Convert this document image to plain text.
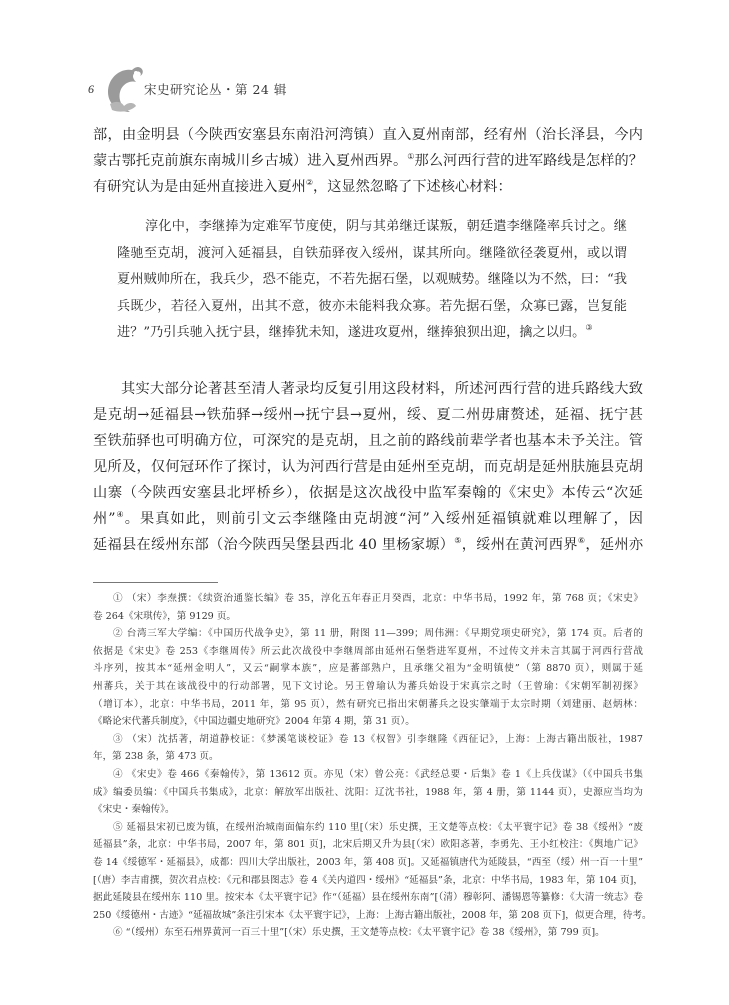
6	宋史研究论丛・第 24 辑
部，由金明县（今陕西安塞县东南沿河湾镇）直入夏州南部，经宥州（治长泽县，今内
蒙古鄂托克前旗东南城川乡古城）进入夏州西界。①那么河西行营的进军路线是怎样的？
有研究认为是由延州直接进入夏州②，这显然忽略了下述核心材料：
淳化中，李继捧为定难军节度使，阴与其弟继迁谋叛，朝廷遣李继隆率兵讨之。继
隆驰至克胡，渡河入延福县，自铁茄驿夜入绥州，谋其所向。继隆欲径袭夏州，或以谓
夏州贼帅所在，我兵少，恐不能克，不若先据石堡，以观贼势。继隆以为不然，曰：“我
兵既少，若径入夏州，出其不意，彼亦未能料我众寡。若先据石堡，众寡已露，岂复能
进？”乃引兵驰入抚宁县，继捧犹未知，遂进攻夏州，继捧狼狈出迎，擒之以归。③
其实大部分论著甚至清人著录均反复引用这段材料，所述河西行营的进兵路线大致
是克胡→延福县→铁茄驿→绥州→抚宁县→夏州，绥、夏二州毋庸赘述，延福、抚宁甚
至铁茄驿也可明确方位，可深究的是克胡，且之前的路线前辈学者也基本未予关注。管
见所及，仅何冠环作了探讨，认为河西行营是由延州至克胡，而克胡是延州肤施县克胡
山寨（今陕西安塞县北坪桥乡），依据是这次战役中监军秦翰的《宋史》本传云“次延
州”④。果真如此，则前引文云李继隆由克胡渡“河”入绥州延福镇就难以理解了，因
延福县在绥州东部（治今陕西吴堡县西北 40 里杨家塬）⑤，绥州在黄河西界⑥，延州亦
① （宋）李焘撰：《续资治通鉴长编》卷 35，淳化五年春正月癸酉，北京：中华书局，1992 年，第 768 页；《宋史》
卷 264《宋琪传》，第 9129 页。
② 台湾三军大学编：《中国历代战争史》，第 11 册，附图 11—399；周伟洲：《早期党项史研究》，第 174 页。后者的
依据是《宋史》卷 253《李继周传》所云此次战役中李继周部由延州石堡砦进军夏州，不过传文并未言其属于河西行营战
斗序列，按其本“延州金明人”，又云“嗣掌本族”，应是蕃部熟户，且承继父祖为“金明镇使”（第 8870 页），则属于延
州蕃兵，关于其在该战役中的行动部署，见下文讨论。另王曾瑜认为蕃兵始设于宋真宗之时（王曾瑜：《宋朝军制初探》
（增订本），北京：中华书局，2011 年，第 95 页），然有研究已指出宋朝蕃兵之设实肇端于太宗时期（刘建丽、赵炳林：
《略论宋代蕃兵制度》，《中国边疆史地研究》2004 年第 4 期，第 31 页）。
③ （宋）沈括著，胡道静校证：《梦溪笔谈校证》卷 13《权智》引李继隆《西征记》，上海：上海古籍出版社，1987
年，第 238 条，第 473 页。
④ 《宋史》卷 466《秦翰传》，第 13612 页。亦见（宋）曾公亮：《武经总要・后集》卷 1《上兵伐谋》（《中国兵书集
成》编委员编：《中国兵书集成》，北京：解放军出版社、沈阳：辽沈书社，1988 年，第 4 册，第 1144 页），史源应当均为
《宋史・秦翰传》。
⑤ 延福县宋初已废为镇，在绥州治城南面偏东约 110 里[（宋）乐史撰，王文楚等点校：《太平寰宇记》卷 38《绥州》“废
延福县”条，北京：中华书局，2007 年，第 801 页]，北宋后期又升为县[（宋）欧阳忞著，李勇先、王小红校注：《舆地广记》
卷 14《绥德军・延福县》，成都：四川大学出版社，2003 年，第 408 页]。又延福镇唐代为延陵县，“西至（绥）州一百一十里”
[（唐）李吉甫撰，贺次君点校：《元和郡县图志》卷 4《关内道四・绥州》“延福县”条，北京：中华书局，1983 年，第 104 页]，
据此延陵县在绥州东 110 里。按宋本《太平寰宇记》作“（延福）县在绥州东南”[（清）穆彰阿、潘锡恩等纂修：《大清一统志》卷
250《绥德州・古迹》“延福故城”条注引宋本《太平寰宇记》，上海：上海古籍出版社，2008 年，第 208 页下]，似更合理，待考。
⑥ “（绥州）东至石州界黄河一百三十里”[（宋）乐史撰，王文楚等点校：《太平寰宇记》卷 38《绥州》，第 799 页]。
